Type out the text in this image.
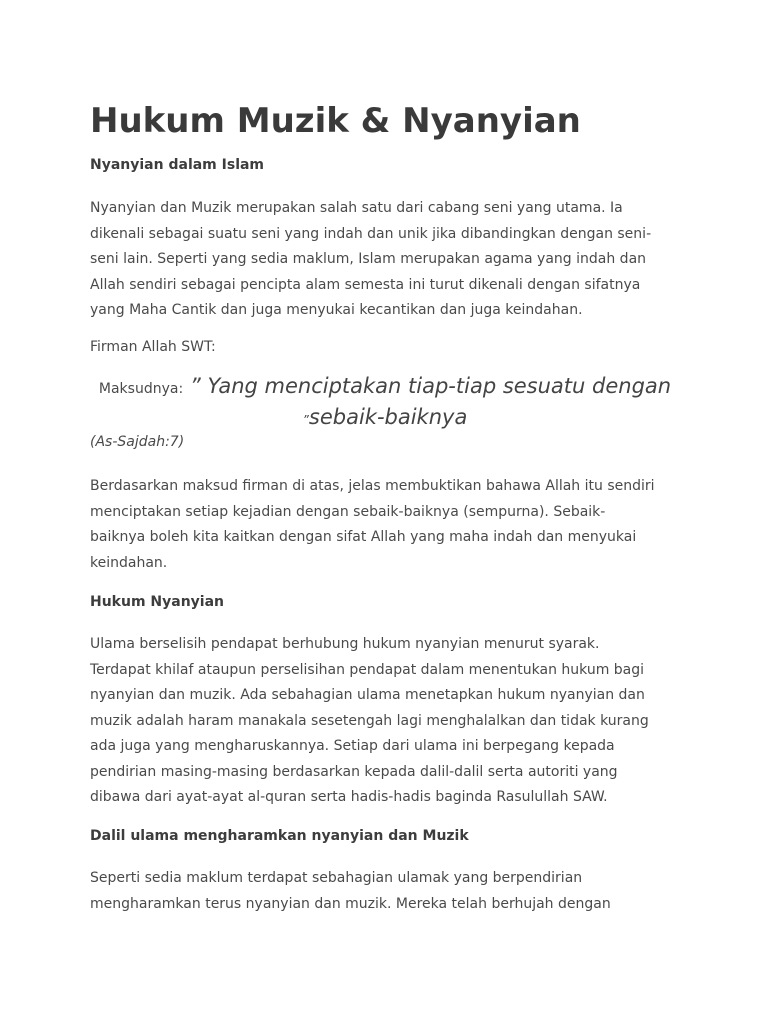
Hukum Muzik & Nyanyian
Nyanyian dalam Islam

Nyanyian dan Muzik merupakan salah satu dari cabang seni yang utama. Ia
dikenali sebagai suatu seni yang indah dan unik jika dibandingkan dengan seni-
seni lain. Seperti yang sedia maklum, Islam merupakan agama yang indah dan
Allah sendiri sebagai pencipta alam semesta ini turut dikenali dengan sifatnya
yang Maha Cantik dan juga menyukai kecantikan dan juga keindahan.

Firman Allah SWT:

Maksudnya: ” Yang menciptakan tiap-tiap sesuatu dengan
”sebaik-baiknya

(As-Sajdah:7)

Berdasarkan maksud firman di atas, jelas membuktikan bahawa Allah itu sendiri
menciptakan setiap kejadian dengan sebaik-baiknya (sempurna). Sebaik-
baiknya boleh kita kaitkan dengan sifat Allah yang maha indah dan menyukai
keindahan.

Hukum Nyanyian

Ulama berselisih pendapat berhubung hukum nyanyian menurut syarak.
Terdapat khilaf ataupun perselisihan pendapat dalam menentukan hukum bagi
nyanyian dan muzik. Ada sebahagian ulama menetapkan hukum nyanyian dan
muzik adalah haram manakala sesetengah lagi menghalalkan dan tidak kurang
ada juga yang mengharuskannya. Setiap dari ulama ini berpegang kepada
pendirian masing-masing berdasarkan kepada dalil-dalil serta autoriti yang
dibawa dari ayat-ayat al-quran serta hadis-hadis baginda Rasulullah SAW.

Dalil ulama mengharamkan nyanyian dan Muzik

Seperti sedia maklum terdapat sebahagian ulamak yang berpendirian
mengharamkan terus nyanyian dan muzik. Mereka telah berhujah dengan
